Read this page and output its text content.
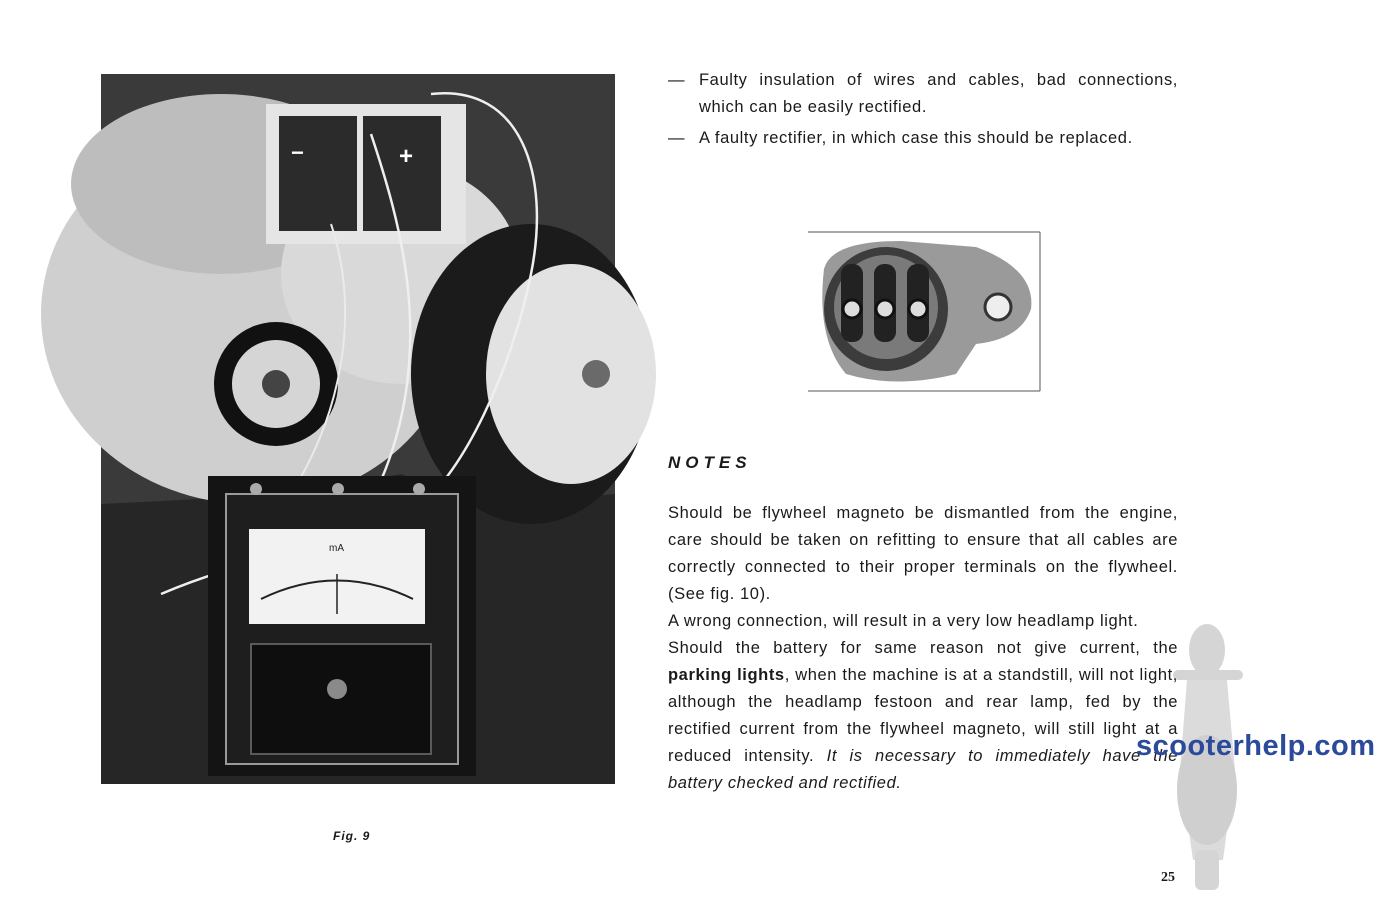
−	+
mA
Fig. 9
— Faulty insulation of wires and cables, bad connections, which can be easily rectified.
— A faulty rectifier, in which case this should be replaced.
NOTES

Should be flywheel magneto be dismantled from the engine, care should be taken on refitting to ensure that all cables are correctly connected to their proper terminals on the flywheel. (See fig. 10).

A wrong connection, will result in a very low headlamp light.

Should the battery for same reason not give current, the parking lights, when the machine is at a standstill, will not light, although the headlamp festoon and rear lamp, fed by the rectified current from the flywheel magneto, will still light at a reduced intensity. It is necessary to immediately have the battery checked and rectified.

scooterhelp.com
25
